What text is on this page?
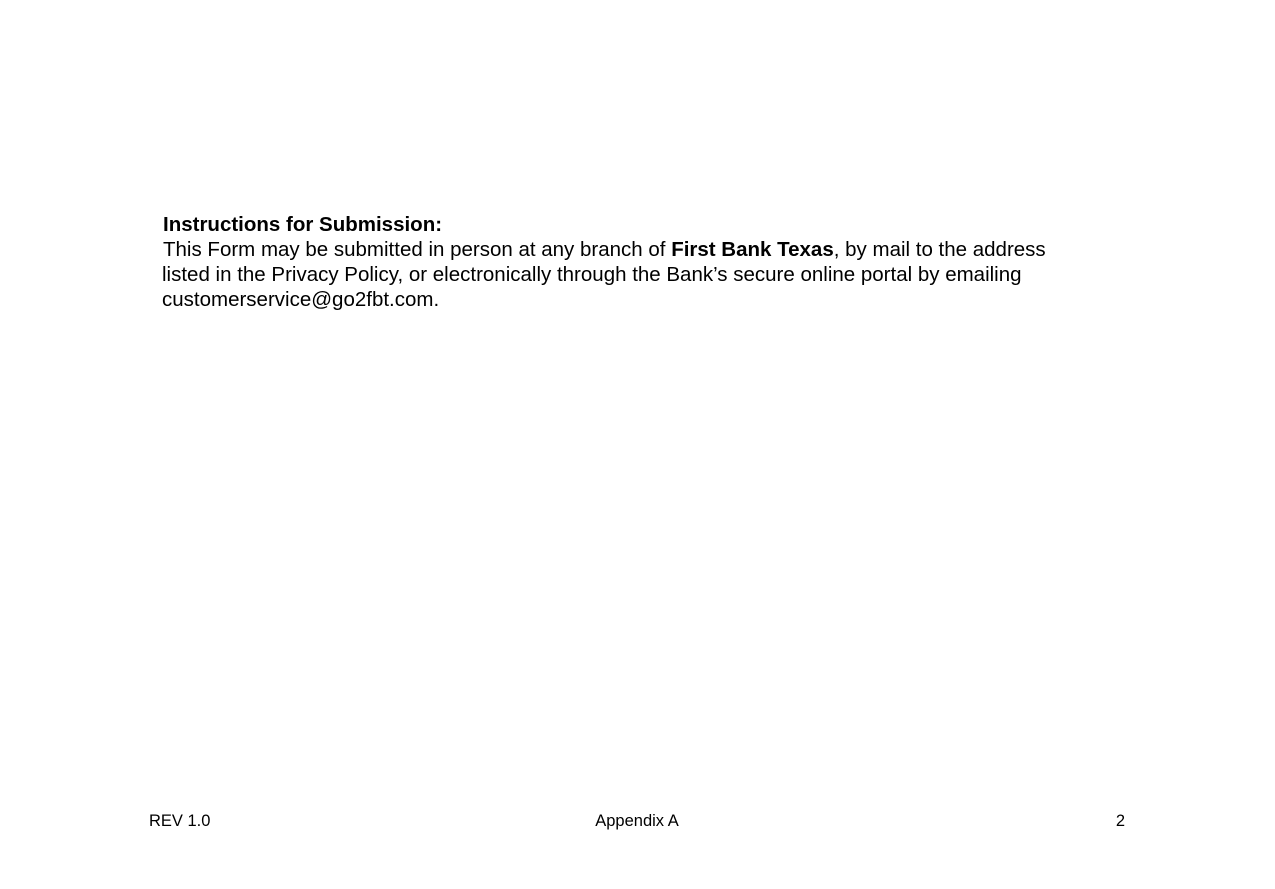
Instructions for Submission:

This Form may be submitted in person at any branch of First Bank Texas, by mail to the address listed in the Privacy Policy, or electronically through the Bank’s secure online portal by emailing customerservice@go2fbt.com.

REV 1.0	Appendix A	2
